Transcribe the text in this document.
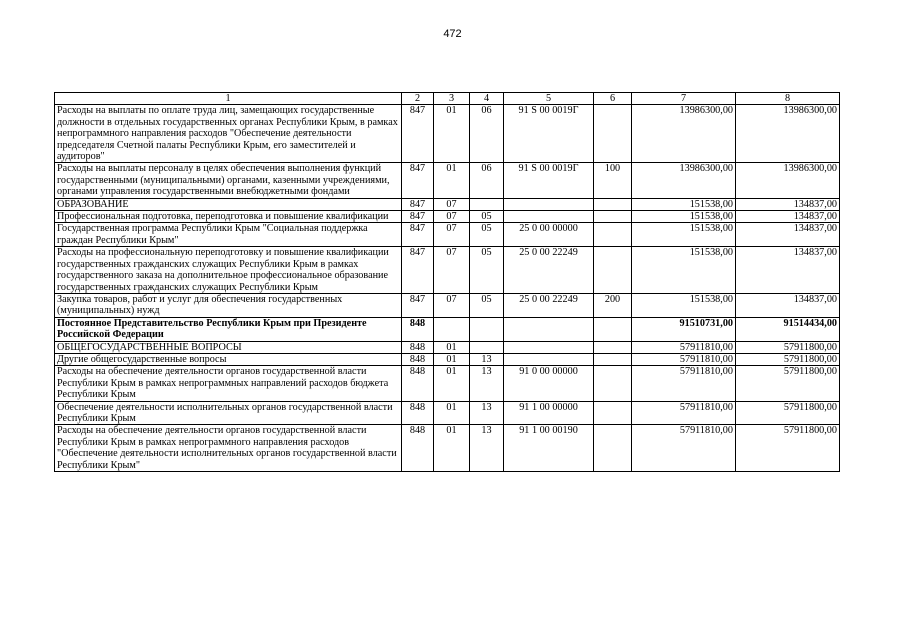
472
1	2	3	4	5	6	7	8
Расходы на выплаты по оплате труда лиц, замещающих государственные должности в отдельных государственных органах Республики Крым, в рамках непрограммного направления расходов "Обеспечение деятельности председателя Счетной палаты Республики Крым, его заместителей и аудиторов"	847	01	06	91 S 00 0019Г		13986300,00	13986300,00
Расходы на выплаты персоналу в целях обеспечения выполнения функций государственными (муниципальными) органами, казенными учреждениями, органами управления государственными внебюджетными фондами	847	01	06	91 S 00 0019Г	100	13986300,00	13986300,00
ОБРАЗОВАНИЕ	847	07				151538,00	134837,00
Профессиональная подготовка, переподготовка и повышение квалификации	847	07	05			151538,00	134837,00
Государственная программа Республики Крым "Социальная поддержка граждан Республики Крым"	847	07	05	25 0 00 00000		151538,00	134837,00
Расходы на профессиональную переподготовку и повышение квалификации государственных гражданских служащих Республики Крым в рамках государственного заказа на дополнительное профессиональное образование государственных гражданских служащих Республики Крым	847	07	05	25 0 00 22249		151538,00	134837,00
Закупка товаров, работ и услуг для обеспечения государственных (муниципальных) нужд	847	07	05	25 0 00 22249	200	151538,00	134837,00
Постоянное Представительство Республики Крым при Президенте Российской Федерации	848					91510731,00	91514434,00
ОБЩЕГОСУДАРСТВЕННЫЕ ВОПРОСЫ	848	01				57911810,00	57911800,00
Другие общегосударственные вопросы	848	01	13			57911810,00	57911800,00
Расходы на обеспечение деятельности органов государственной власти Республики Крым в рамках непрограммных направлений расходов бюджета Республики Крым	848	01	13	91 0 00 00000		57911810,00	57911800,00
Обеспечение деятельности исполнительных органов государственной власти Республики Крым	848	01	13	91 1 00 00000		57911810,00	57911800,00
Расходы на обеспечение деятельности органов государственной власти Республики Крым в рамках непрограммного направления расходов "Обеспечение деятельности исполнительных органов государственной власти Республики Крым"	848	01	13	91 1 00 00190		57911810,00	57911800,00
